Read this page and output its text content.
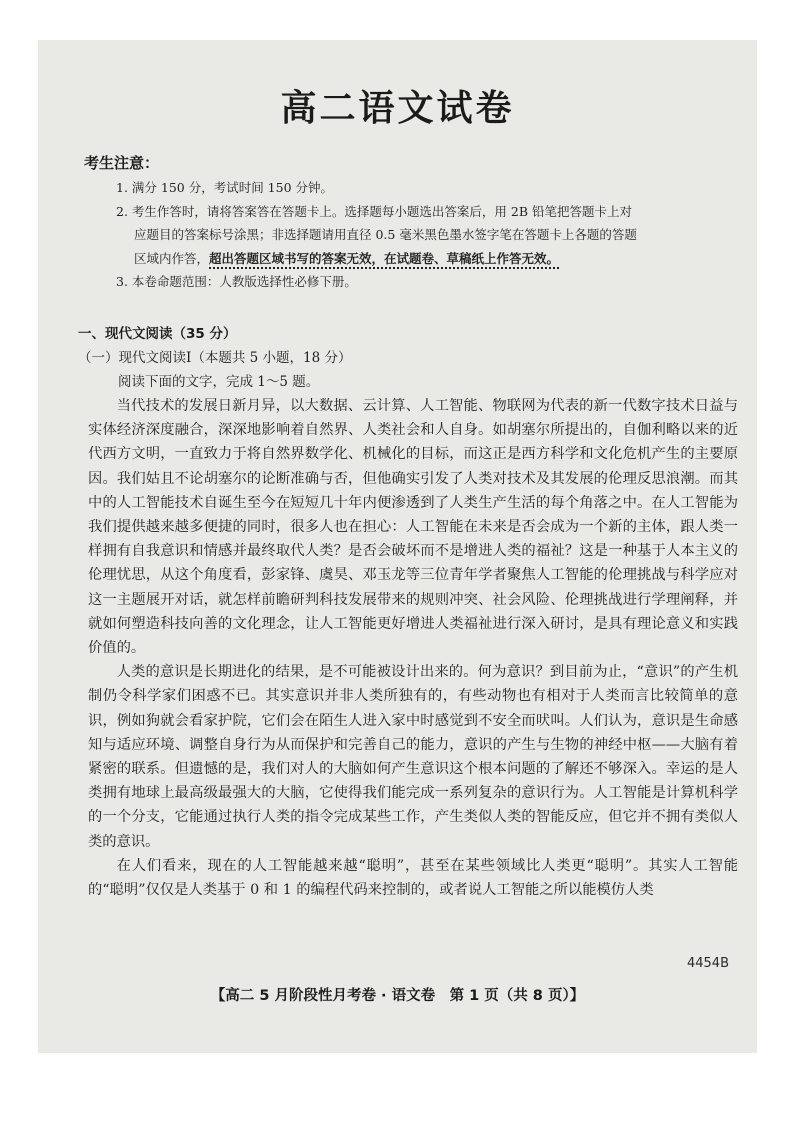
高二语文试卷
考生注意：
1. 满分 150 分，考试时间 150 分钟。
2. 考生作答时，请将答案答在答题卡上。选择题每小题选出答案后，用 2B 铅笔把答题卡上对
应题目的答案标号涂黑；非选择题请用直径 0.5 毫米黑色墨水签字笔在答题卡上各题的答题
区域内作答，超出答题区域书写的答案无效，在试题卷、草稿纸上作答无效。
3. 本卷命题范围：人教版选择性必修下册。
一、现代文阅读（35 分）
（一）现代文阅读Ⅰ（本题共 5 小题，18 分）
阅读下面的文字，完成 1～5 题。

当代技术的发展日新月异，以大数据、云计算、人工智能、物联网为代表的新一代数字技术日益与实体经济深度融合，深深地影响着自然界、人类社会和人自身。如胡塞尔所提出的，自伽利略以来的近代西方文明，一直致力于将自然界数学化、机械化的目标，而这正是西方科学和文化危机产生的主要原因。我们姑且不论胡塞尔的论断准确与否，但他确实引发了人类对技术及其发展的伦理反思浪潮。而其中的人工智能技术自诞生至今在短短几十年内便渗透到了人类生产生活的每个角落之中。在人工智能为我们提供越来越多便捷的同时，很多人也在担心：人工智能在未来是否会成为一个新的主体，跟人类一样拥有自我意识和情感并最终取代人类？是否会破坏而不是增进人类的福祉？这是一种基于人本主义的伦理忧思，从这个角度看，彭家锋、虞昊、邓玉龙等三位青年学者聚焦人工智能的伦理挑战与科学应对这一主题展开对话，就怎样前瞻研判科技发展带来的规则冲突、社会风险、伦理挑战进行学理阐释，并就如何塑造科技向善的文化理念，让人工智能更好增进人类福祉进行深入研讨，是具有理论意义和实践价值的。

人类的意识是长期进化的结果，是不可能被设计出来的。何为意识？到目前为止，“意识”的产生机制仍令科学家们困惑不已。其实意识并非人类所独有的，有些动物也有相对于人类而言比较简单的意识，例如狗就会看家护院，它们会在陌生人进入家中时感觉到不安全而吠叫。人们认为，意识是生命感知与适应环境、调整自身行为从而保护和完善自己的能力，意识的产生与生物的神经中枢——大脑有着紧密的联系。但遗憾的是，我们对人的大脑如何产生意识这个根本问题的了解还不够深入。幸运的是人类拥有地球上最高级最强大的大脑，它使得我们能完成一系列复杂的意识行为。人工智能是计算机科学的一个分支，它能通过执行人类的指令完成某些工作，产生类似人类的智能反应，但它并不拥有类似人类的意识。

在人们看来，现在的人工智能越来越“聪明”，甚至在某些领域比人类更“聪明”。其实人工智能的“聪明”仅仅是人类基于 0 和 1 的编程代码来控制的，或者说人工智能之所以能模仿人类

4454B
【高二 5 月阶段性月考卷 · 语文卷　第 1 页（共 8 页）】
